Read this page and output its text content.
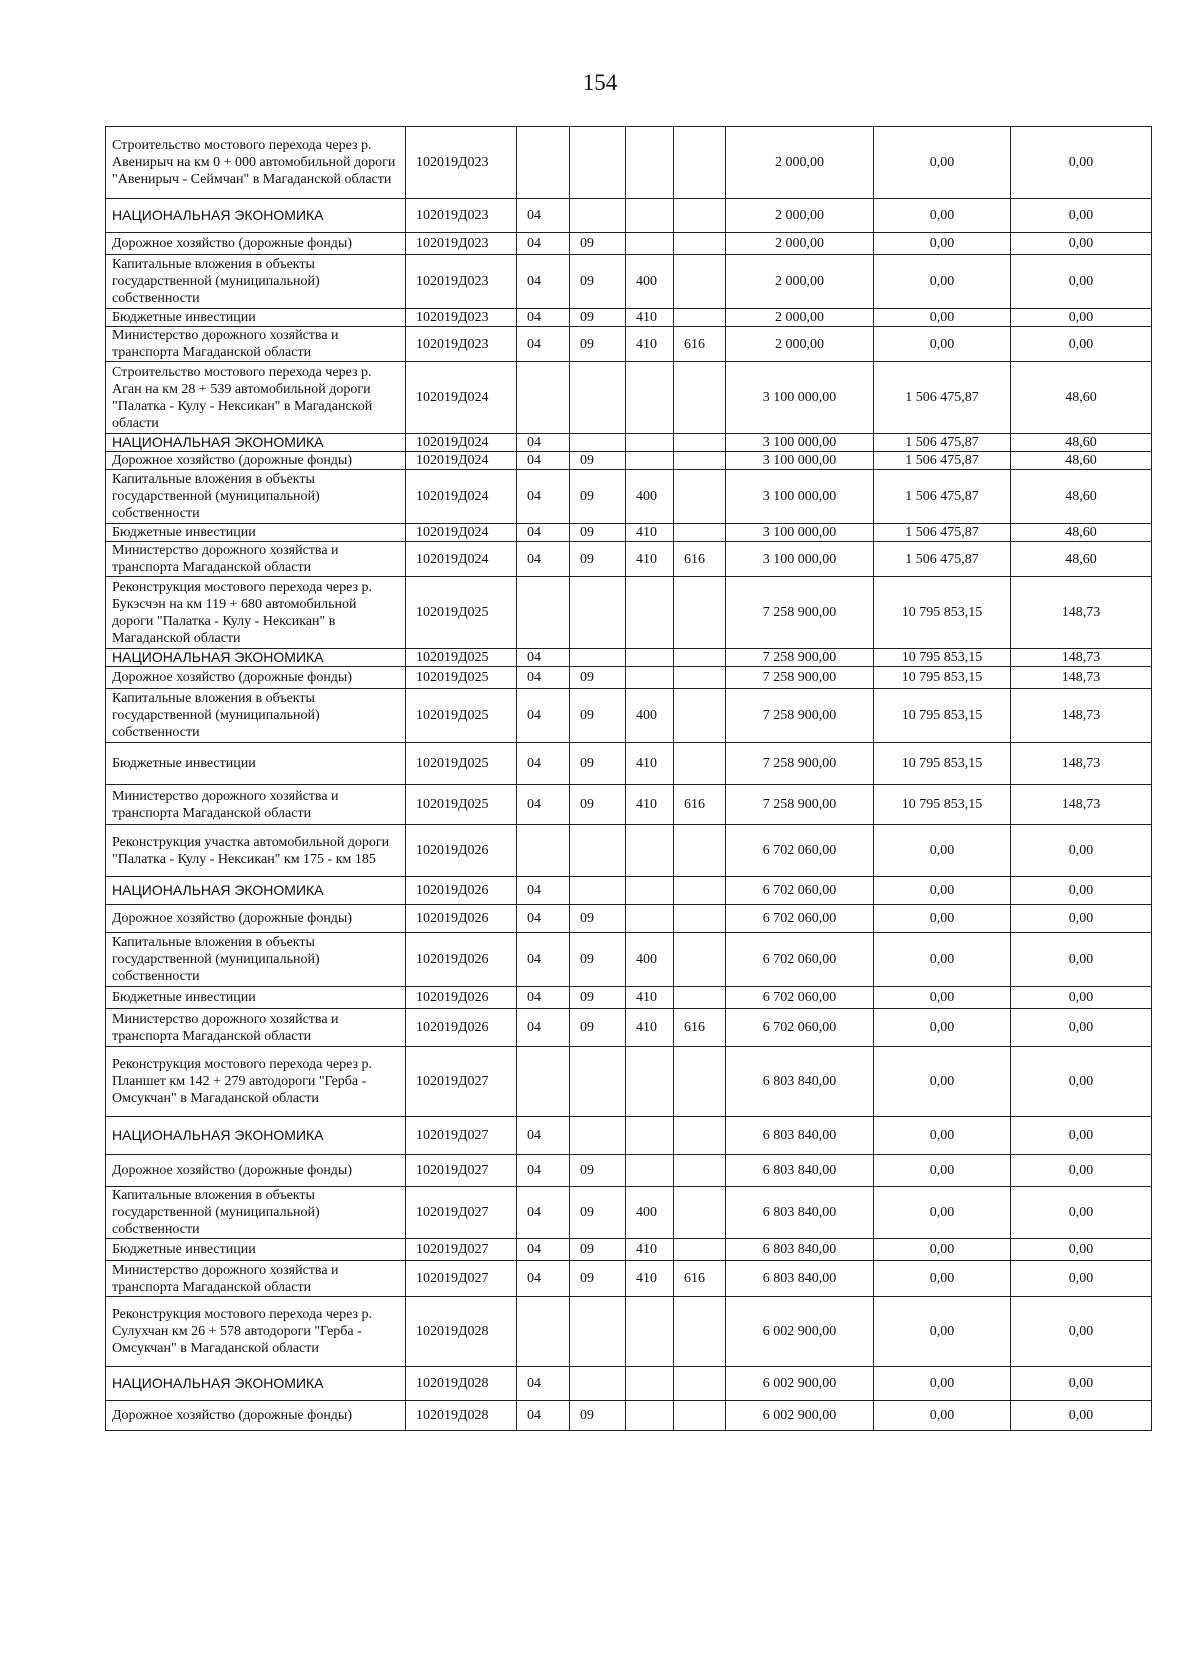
154
Строительство мостового перехода через р. Авенирыч на км 0 + 000 автомобильной дороги "Авенирыч - Сеймчан" в Магаданской области	102019Д023					2 000,00	0,00	0,00
НАЦИОНАЛЬНАЯ ЭКОНОМИКА	102019Д023	04				2 000,00	0,00	0,00
Дорожное хозяйство (дорожные фонды)	102019Д023	04	09			2 000,00	0,00	0,00
Капитальные вложения в объекты государственной (муниципальной) собственности	102019Д023	04	09	400		2 000,00	0,00	0,00
Бюджетные инвестиции	102019Д023	04	09	410		2 000,00	0,00	0,00
Министерство дорожного хозяйства и транспорта Магаданской области	102019Д023	04	09	410	616	2 000,00	0,00	0,00
Строительство мостового перехода через р. Аган на км 28 + 539 автомобильной дороги "Палатка - Кулу - Нексикан" в Магаданской области	102019Д024					3 100 000,00	1 506 475,87	48,60
НАЦИОНАЛЬНАЯ ЭКОНОМИКА	102019Д024	04				3 100 000,00	1 506 475,87	48,60
Дорожное хозяйство (дорожные фонды)	102019Д024	04	09			3 100 000,00	1 506 475,87	48,60
Капитальные вложения в объекты государственной (муниципальной) собственности	102019Д024	04	09	400		3 100 000,00	1 506 475,87	48,60
Бюджетные инвестиции	102019Д024	04	09	410		3 100 000,00	1 506 475,87	48,60
Министерство дорожного хозяйства и транспорта Магаданской области	102019Д024	04	09	410	616	3 100 000,00	1 506 475,87	48,60
Реконструкция мостового перехода через р. Букэсчэн на км 119 + 680 автомобильной дороги "Палатка - Кулу - Нексикан" в Магаданской области	102019Д025					7 258 900,00	10 795 853,15	148,73
НАЦИОНАЛЬНАЯ ЭКОНОМИКА	102019Д025	04				7 258 900,00	10 795 853,15	148,73
Дорожное хозяйство (дорожные фонды)	102019Д025	04	09			7 258 900,00	10 795 853,15	148,73
Капитальные вложения в объекты государственной (муниципальной) собственности	102019Д025	04	09	400		7 258 900,00	10 795 853,15	148,73
Бюджетные инвестиции	102019Д025	04	09	410		7 258 900,00	10 795 853,15	148,73
Министерство дорожного хозяйства и транспорта Магаданской области	102019Д025	04	09	410	616	7 258 900,00	10 795 853,15	148,73
Реконструкция участка автомобильной дороги "Палатка - Кулу - Нексикан" км 175 - км 185	102019Д026					6 702 060,00	0,00	0,00
НАЦИОНАЛЬНАЯ ЭКОНОМИКА	102019Д026	04				6 702 060,00	0,00	0,00
Дорожное хозяйство (дорожные фонды)	102019Д026	04	09			6 702 060,00	0,00	0,00
Капитальные вложения в объекты государственной (муниципальной) собственности	102019Д026	04	09	400		6 702 060,00	0,00	0,00
Бюджетные инвестиции	102019Д026	04	09	410		6 702 060,00	0,00	0,00
Министерство дорожного хозяйства и транспорта Магаданской области	102019Д026	04	09	410	616	6 702 060,00	0,00	0,00
Реконструкция мостового перехода через р. Планшет км 142 + 279 автодороги "Герба - Омсукчан" в Магаданской области	102019Д027					6 803 840,00	0,00	0,00
НАЦИОНАЛЬНАЯ ЭКОНОМИКА	102019Д027	04				6 803 840,00	0,00	0,00
Дорожное хозяйство (дорожные фонды)	102019Д027	04	09			6 803 840,00	0,00	0,00
Капитальные вложения в объекты государственной (муниципальной) собственности	102019Д027	04	09	400		6 803 840,00	0,00	0,00
Бюджетные инвестиции	102019Д027	04	09	410		6 803 840,00	0,00	0,00
Министерство дорожного хозяйства и транспорта Магаданской области	102019Д027	04	09	410	616	6 803 840,00	0,00	0,00
Реконструкция мостового перехода через р. Сулухчан км 26 + 578 автодороги "Герба - Омсукчан" в Магаданской области	102019Д028					6 002 900,00	0,00	0,00
НАЦИОНАЛЬНАЯ ЭКОНОМИКА	102019Д028	04				6 002 900,00	0,00	0,00
Дорожное хозяйство (дорожные фонды)	102019Д028	04	09			6 002 900,00	0,00	0,00
